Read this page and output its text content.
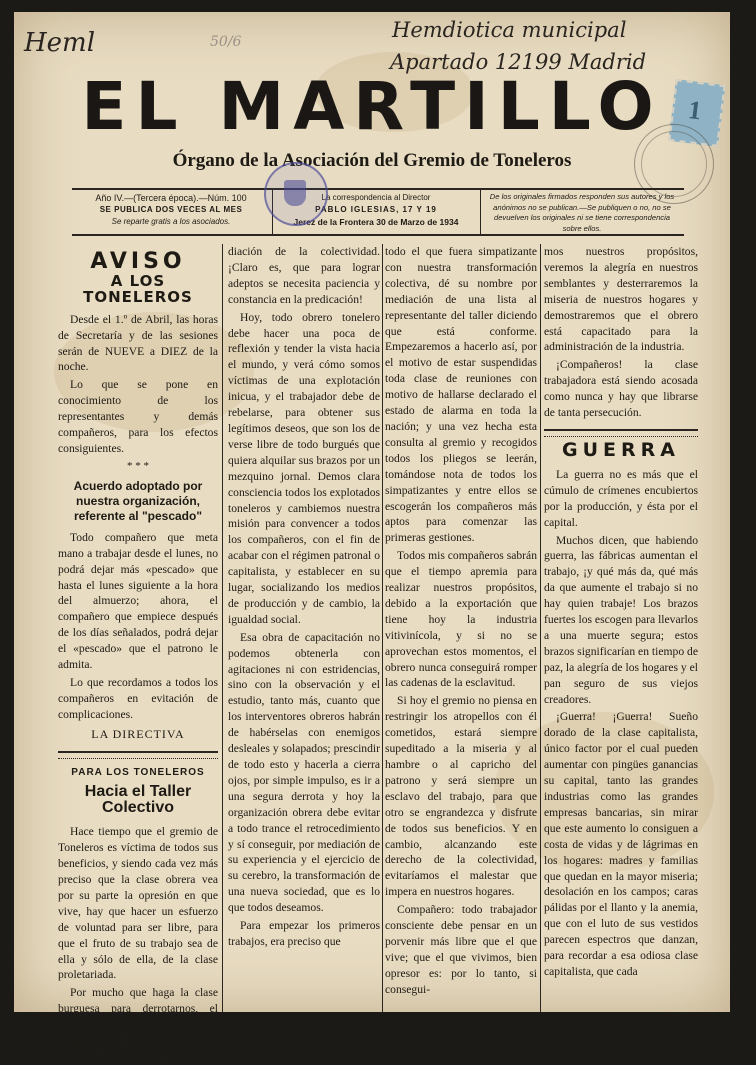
Heml	50/6	Hemdiotica municipal
Apartado 12199 Madrid
1
EL MARTILLO
Órgano de la Asociación del Gremio de Toneleros
Año IV.—(Tercera época).—Núm. 100
SE PUBLICA DOS VECES AL MES
Se reparte gratis a los asociados.
La correspondencia al Director
PABLO IGLESIAS, 17 Y 19
Jerez de la Frontera 30 de Marzo de 1934
De los originales firmados responden sus autores y los anónimos no se publican.—Se publiquen o no, no se devuelven los originales ni se tiene correspondencia sobre ellos.
AVISO
A LOS TONELEROS

Desde el 1.º de Abril, las horas de Secretaría y de las sesiones serán de NUEVE a DIEZ de la noche.

Lo que se pone en conocimiento de los representantes y demás compañeros, para los efectos consiguientes.

* * *
Acuerdo adoptado por nuestra organización, referente al "pescado"

Todo compañero que meta mano a trabajar desde el lunes, no podrá dejar más «pescado» que hasta el lunes siguiente a la hora del almuerzo; ahora, el compañero que empiece después de los días señalados, podrá dejar el «pescado» que el patrono le admita.

Lo que recordamos a todos los compañeros en evitación de complicaciones.

LA DIRECTIVA
PARA LOS TONELEROS
Hacia el Taller Colectivo

Hace tiempo que el gremio de Toneleros es víctima de todos sus beneficios, y siendo cada vez más preciso que la clase obrera vea por su parte la opresión en que vive, hay que hacer un esfuerzo de voluntad para ser libre, para que el fruto de su trabajo sea de ella y sólo de ella, de la clase proletariada.

Por mucho que haga la clase burguesa para derrotarnos, el gremio en general debe percatarse y pensar en los beneficios que pueden obtenerse por me-

diación de la colectividad. ¡Claro es, que para lograr adeptos se necesita paciencia y constancia en la predicación!

Hoy, todo obrero tonelero debe hacer una poca de reflexión y tender la vista hacia el mundo, y verá cómo somos víctimas de una explotación inicua, y el trabajador debe de rebelarse, para obtener sus legítimos deseos, que son los de verse libre de todo burgués que quiera alquilar sus brazos por un mezquino jornal. Demos clara consciencia todos los explotados toneleros y cambiemos nuestra misión para convencer a todos los compañeros, con el fin de acabar con el régimen patronal o capitalista, y establecer en su lugar, socializando los medios de producción y de cambio, la igualdad social.

Esa obra de capacitación no podemos obtenerla con agitaciones ni con estridencias, sino con la observación y el estudio, tanto más, cuanto que los interventores obreros habrán de habérselas con enemigos desleales y solapados; prescindir de todo esto y hacerla a cierra ojos, por simple impulso, es ir a una segura derrota y hoy la organización obrera debe evitar a todo trance el retrocedimiento y sí conseguir, por mediación de su experiencia y el ejercicio de su cerebro, la transformación de una nueva sociedad, que es lo que todos deseamos.

Para empezar los primeros trabajos, era preciso que

todo el que fuera simpatizante con nuestra transformación colectiva, dé su nombre por mediación de una lista al representante del taller diciendo que está conforme. Empezaremos a hacerlo así, por el motivo de estar suspendidas toda clase de reuniones con motivo de hallarse declarado el estado de alarma en toda la nación; y una vez hecha esta consulta al gremio y recogidos todos los pliegos se leerán, tomándose nota de todos los simpatizantes y entre ellos se escogerán los compañeros más aptos para comenzar las primeras gestiones.

Todos mis compañeros sabrán que el tiempo apremia para realizar nuestros propósitos, debido a la exportación que tiene hoy la industria vitivinícola, y si no se aprovechan estos momentos, el obrero nunca conseguirá romper las cadenas de la esclavitud.

Si hoy el gremio no piensa en restringir los atropellos con él cometidos, estará siempre supeditado a la miseria y al hambre o al capricho del patrono y será siempre un esclavo del trabajo, para que otro se engrandezca y disfrute de todos sus beneficios. Y en cambio, alcanzando este derecho de la colectividad, evitaríamos el malestar que impera en nuestros hogares.

Compañero: todo trabajador consciente debe pensar en un porvenir más libre que el que vive; que el que vivimos, bien opresor es: por lo tanto, si consegui-

mos nuestros propósitos, veremos la alegría en nuestros semblantes y desterraremos la miseria de nuestros hogares y demostraremos que el obrero está capacitado para la administración de la industria.

¡Compañeros! la clase trabajadora está siendo acosada como nunca y hay que librarse de tanta persecución.

GUERRA

La guerra no es más que el cúmulo de crímenes encubiertos por la producción, y ésta por el capital.

Muchos dicen, que habiendo guerra, las fábricas aumentan el trabajo, ¡y qué más da, qué más da que aumente el trabajo si no hay quien trabaje! Los brazos fuertes los escogen para llevarlos a una muerte segura; estos brazos significarían en tiempo de paz, la alegría de los hogares y el pan seguro de sus viejos creadores.

¡Guerra! ¡Guerra! Sueño dorado de la clase capitalista, único factor por el cual pueden aumentar con pingües ganancias su capital, tanto las grandes industrias como las grandes empresas bancarias, sin mirar que este aumento lo consiguen a costa de vidas y de lágrimas en los hogares: madres y familias que quedan en la mayor miseria; desolación en los campos; caras pálidas por el llanto y la anemia, que con el luto de sus vestidos parecen espectros que danzan, para recordar a esa odiosa clase capitalista, que cada
